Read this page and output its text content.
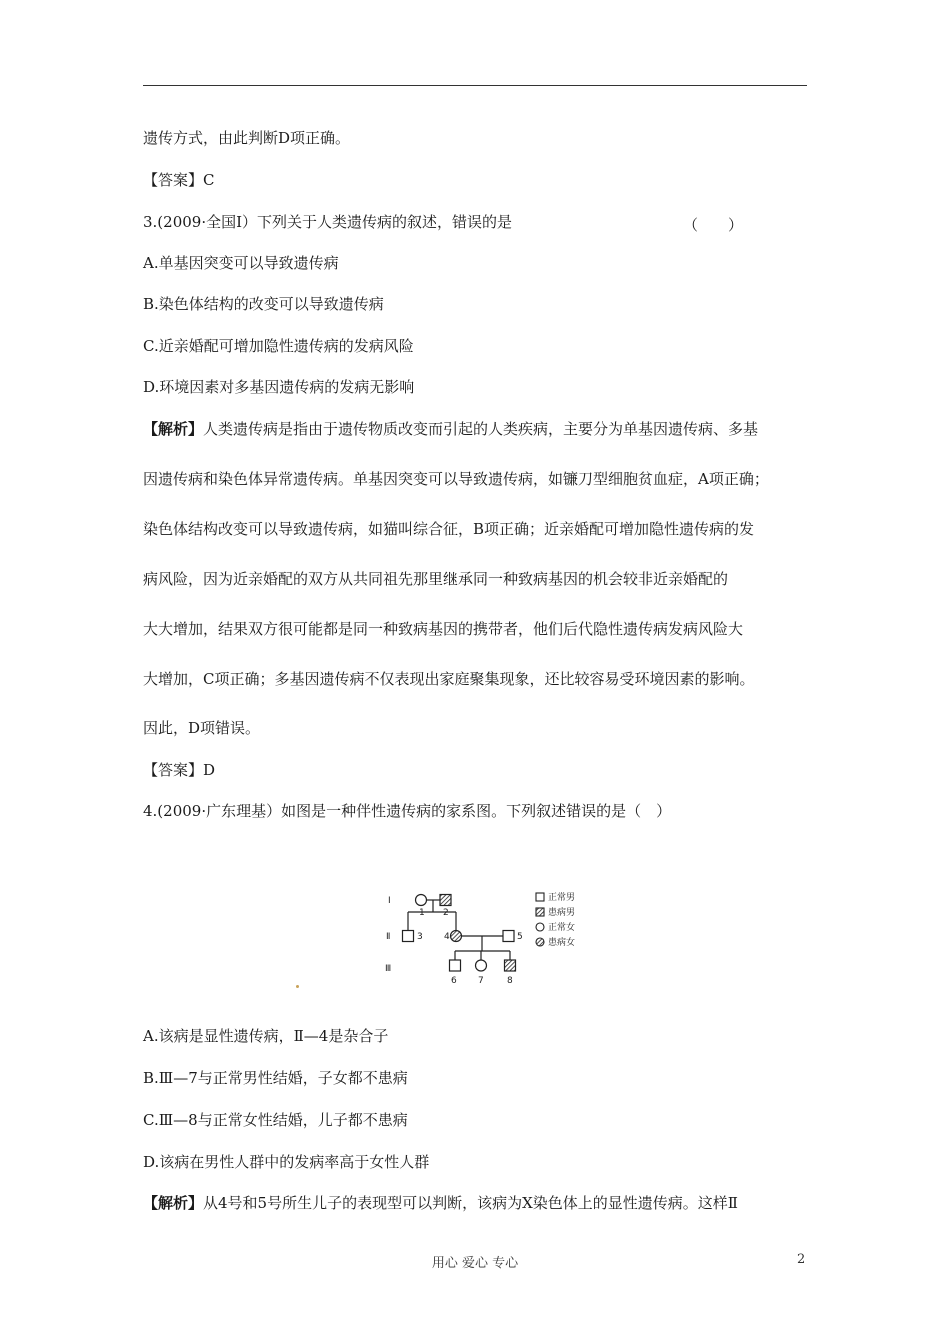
遗传方式，由此判断D项正确。
【答案】C
3.(2009·全国Ⅰ）下列关于人类遗传病的叙述，错误的是	（　　）
A.单基因突变可以导致遗传病
B.染色体结构的改变可以导致遗传病
C.近亲婚配可增加隐性遗传病的发病风险
D.环境因素对多基因遗传病的发病无影响
【解析】人类遗传病是指由于遗传物质改变而引起的人类疾病，主要分为单基因遗传病、多基
因遗传病和染色体异常遗传病。单基因突变可以导致遗传病，如镰刀型细胞贫血症，A项正确；
染色体结构改变可以导致遗传病，如猫叫综合征，B项正确；近亲婚配可增加隐性遗传病的发
病风险，因为近亲婚配的双方从共同祖先那里继承同一种致病基因的机会较非近亲婚配的
大大增加，结果双方很可能都是同一种致病基因的携带者，他们后代隐性遗传病发病风险大
大增加，C项正确；多基因遗传病不仅表现出家庭聚集现象，还比较容易受环境因素的影响。
因此，D项错误。
【答案】D
4.(2009·广东理基）如图是一种伴性遗传病的家系图。下列叙述错误的是（　）
Ⅰ
Ⅱ
Ⅲ
1 2
3 4	5
6 7	8
正常男
患病男
正常女
患病女
A.该病是显性遗传病，Ⅱ—4是杂合子
B.Ⅲ—7与正常男性结婚，子女都不患病
C.Ⅲ—8与正常女性结婚，儿子都不患病
D.该病在男性人群中的发病率高于女性人群
【解析】从4号和5号所生儿子的表现型可以判断，该病为X染色体上的显性遗传病。这样Ⅱ
用心 爱心 专心	2
